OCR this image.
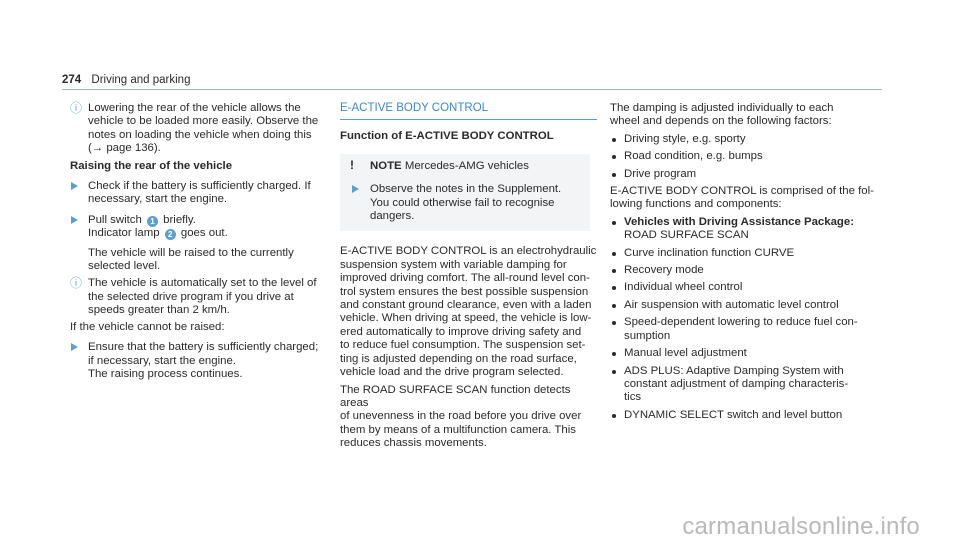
274 Driving and parking
ⓘ Lowering the rear of the vehicle allows the
vehicle to be loaded more easily. Observe the
notes on loading the vehicle when doing this
(→ page 136).
Raising the rear of the vehicle
Check if the battery is sufficiently charged. If
necessary, start the engine.
Pull switch 1 briefly.
Indicator lamp 2 goes out.
The vehicle will be raised to the currently
selected level.
ⓘ The vehicle is automatically set to the level of
the selected drive program if you drive at
speeds greater than 2 km/h.
If the vehicle cannot be raised:
Ensure that the battery is sufficiently charged;
if necessary, start the engine.
The raising process continues.
E-ACTIVE BODY CONTROL
Function of E-ACTIVE BODY CONTROL
! NOTE Mercedes-AMG vehicles
Observe the notes in the Supplement.
You could otherwise fail to recognise
dangers.
E-ACTIVE BODY CONTROL is an electrohydraulic
suspension system with variable damping for
improved driving comfort. The all-round level con-
trol system ensures the best possible suspension
and constant ground clearance, even with a laden
vehicle. When driving at speed, the vehicle is low-
ered automatically to improve driving safety and
to reduce fuel consumption. The suspension set-
ting is adjusted depending on the road surface,
vehicle load and the drive program selected.
The ROAD SURFACE SCAN function detects areas
of unevenness in the road before you drive over
them by means of a multifunction camera. This
reduces chassis movements.
The damping is adjusted individually to each
wheel and depends on the following factors:
Driving style, e.g. sporty
Road condition, e.g. bumps
Drive program
E-ACTIVE BODY CONTROL is comprised of the fol-
lowing functions and components:
Vehicles with Driving Assistance Package:
ROAD SURFACE SCAN
Curve inclination function CURVE
Recovery mode
Individual wheel control
Air suspension with automatic level control
Speed-dependent lowering to reduce fuel con-
sumption
Manual level adjustment
ADS PLUS: Adaptive Damping System with
constant adjustment of damping characteris-
tics
DYNAMIC SELECT switch and level button
carmanualsonline.info
